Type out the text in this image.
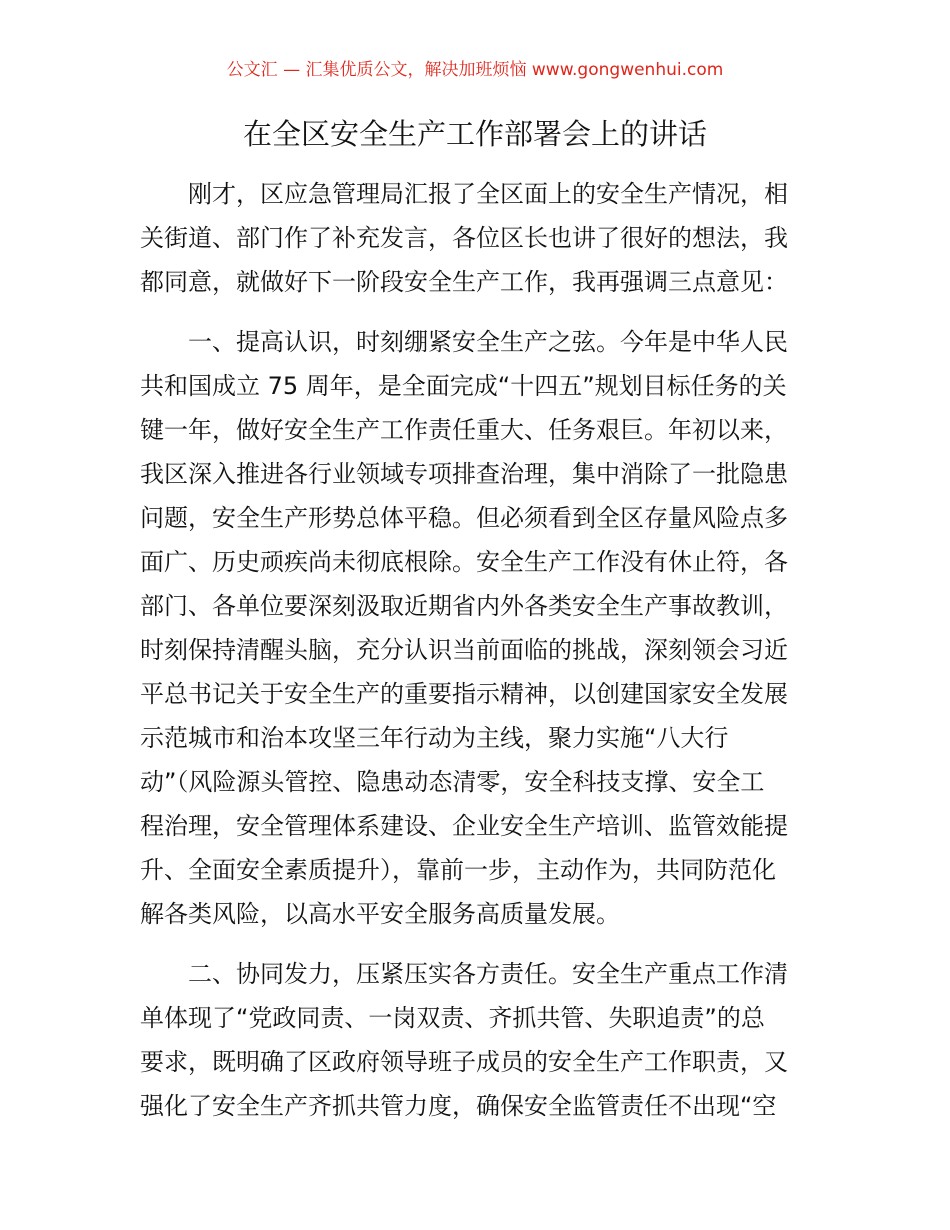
公文汇 — 汇集优质公文，解决加班烦恼 www.gongwenhui.com
在全区安全生产工作部署会上的讲话
刚才，区应急管理局汇报了全区面上的安全生产情况，相
关街道、部门作了补充发言，各位区长也讲了很好的想法，我
都同意，就做好下一阶段安全生产工作，我再强调三点意见：
一、提高认识，时刻绷紧安全生产之弦。今年是中华人民
共和国成立 75 周年，是全面完成“十四五”规划目标任务的关
键一年，做好安全生产工作责任重大、任务艰巨。年初以来，
我区深入推进各行业领域专项排查治理，集中消除了一批隐患
问题，安全生产形势总体平稳。但必须看到全区存量风险点多
面广、历史顽疾尚未彻底根除。安全生产工作没有休止符，各
部门、各单位要深刻汲取近期省内外各类安全生产事故教训，
时刻保持清醒头脑，充分认识当前面临的挑战，深刻领会习近
平总书记关于安全生产的重要指示精神，以创建国家安全发展
示范城市和治本攻坚三年行动为主线，聚力实施“八大行
动”（风险源头管控、隐患动态清零，安全科技支撑、安全工
程治理，安全管理体系建设、企业安全生产培训、监管效能提
升、全面安全素质提升），靠前一步，主动作为，共同防范化
解各类风险，以高水平安全服务高质量发展。
二、协同发力，压紧压实各方责任。安全生产重点工作清
单体现了“党政同责、一岗双责、齐抓共管、失职追责”的总
要求，既明确了区政府领导班子成员的安全生产工作职责，又
强化了安全生产齐抓共管力度，确保安全监管责任不出现“空
